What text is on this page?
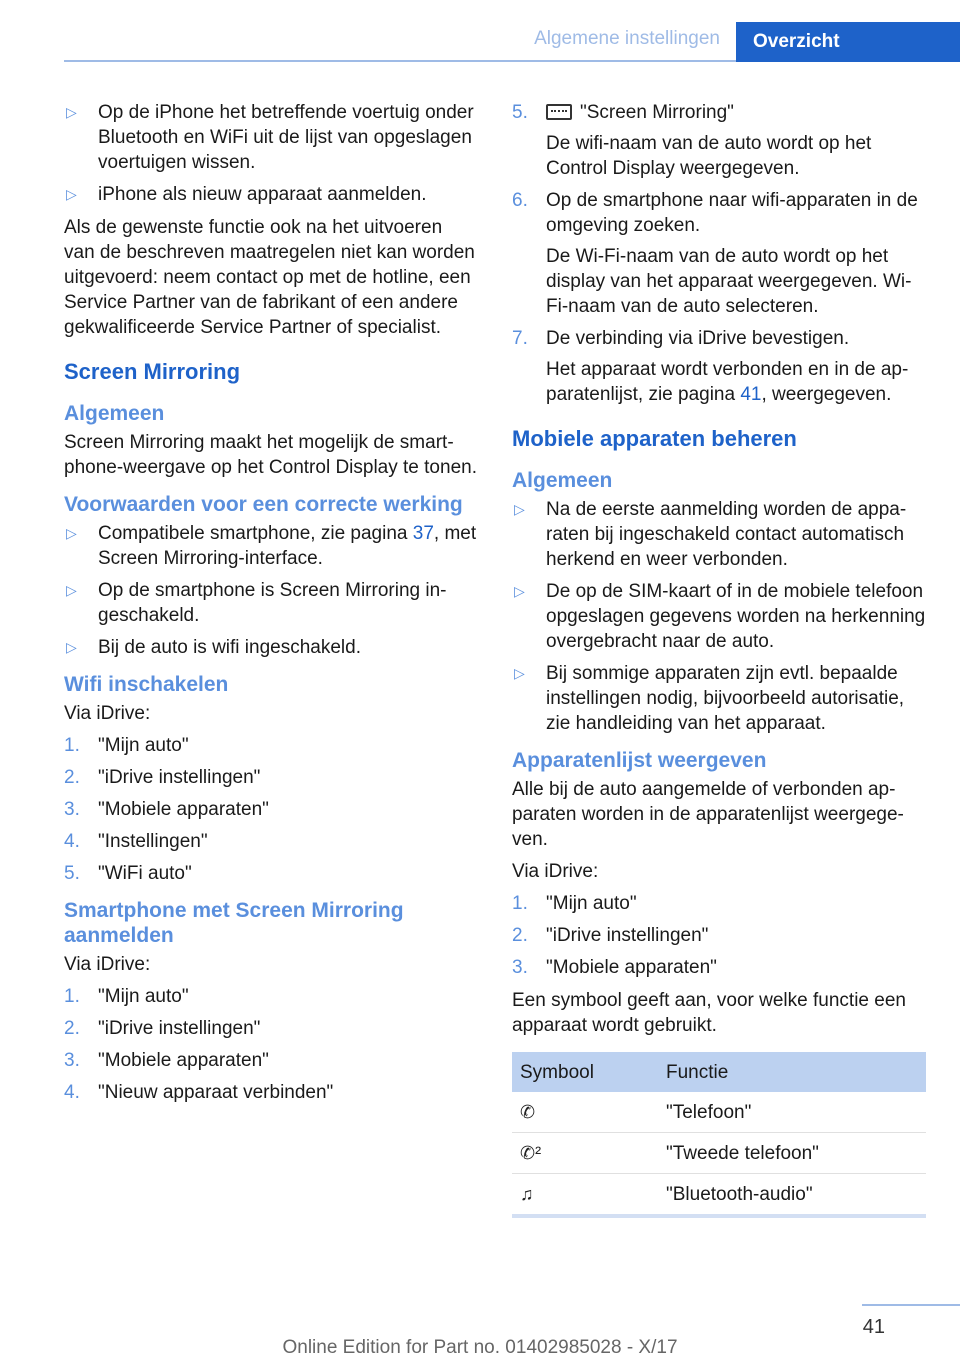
Algemene instellingen	Overzicht
▷ Op de iPhone het betreffende voertuig onder Bluetooth en WiFi uit de lijst van opgeslagen voertuigen wissen.
▷ iPhone als nieuw apparaat aanmelden.

Als de gewenste functie ook na het uitvoeren van de beschreven maatregelen niet kan worden uitgevoerd: neem contact op met de hotline, een Service Partner van de fabrikant of een andere gekwalificeerde Service Partner of specialist.

Screen Mirroring
Algemeen

Screen Mirroring maakt het mogelijk de smartphone-weergave op het Control Display te tonen.

Voorwaarden voor een correcte werking
▷ Compatibele smartphone, zie pagina 37, met Screen Mirroring-interface.
▷ Op de smartphone is Screen Mirroring ingeschakeld.
▷ Bij de auto is wifi ingeschakeld.
Wifi inschakelen

Via iDrive:

1. "Mijn auto"
2. "iDrive instellingen"
3. "Mobiele apparaten"
4. "Instellingen"
5. "WiFi auto"
Smartphone met Screen Mirroring aanmelden

Via iDrive:

1. "Mijn auto"
2. "iDrive instellingen"
3. "Mobiele apparaten"
4. "Nieuw apparaat verbinden"
5.	"Screen Mirroring"
De wifi-naam van de auto wordt op het Control Display weergegeven.
6. Op de smartphone naar wifi-apparaten in de omgeving zoeken.
De Wi-Fi-naam van de auto wordt op het display van het apparaat weergegeven. Wi-Fi-naam van de auto selecteren.
7. De verbinding via iDrive bevestigen.
Het apparaat wordt verbonden en in de apparatenlijst, zie pagina 41, weergegeven.
Mobiele apparaten beheren
Algemeen
▷ Na de eerste aanmelding worden de apparaten bij ingeschakeld contact automatisch herkend en weer verbonden.
▷ De op de SIM-kaart of in de mobiele telefoon opgeslagen gegevens worden na herkenning overgebracht naar de auto.
▷ Bij sommige apparaten zijn evtl. bepaalde instellingen nodig, bijvoorbeeld autorisatie, zie handleiding van het apparaat.
Apparatenlijst weergeven

Alle bij de auto aangemelde of verbonden apparaten worden in de apparatenlijst weergegeven.

Via iDrive:

1. "Mijn auto"
2. "iDrive instellingen"
3. "Mobiele apparaten"

Een symbool geeft aan, voor welke functie een apparaat wordt gebruikt.

Symbool	Functie
✆	"Telefoon"
✆²	"Tweede telefoon"
♫	"Bluetooth-audio"
41
Online Edition for Part no. 01402985028 - X/17
